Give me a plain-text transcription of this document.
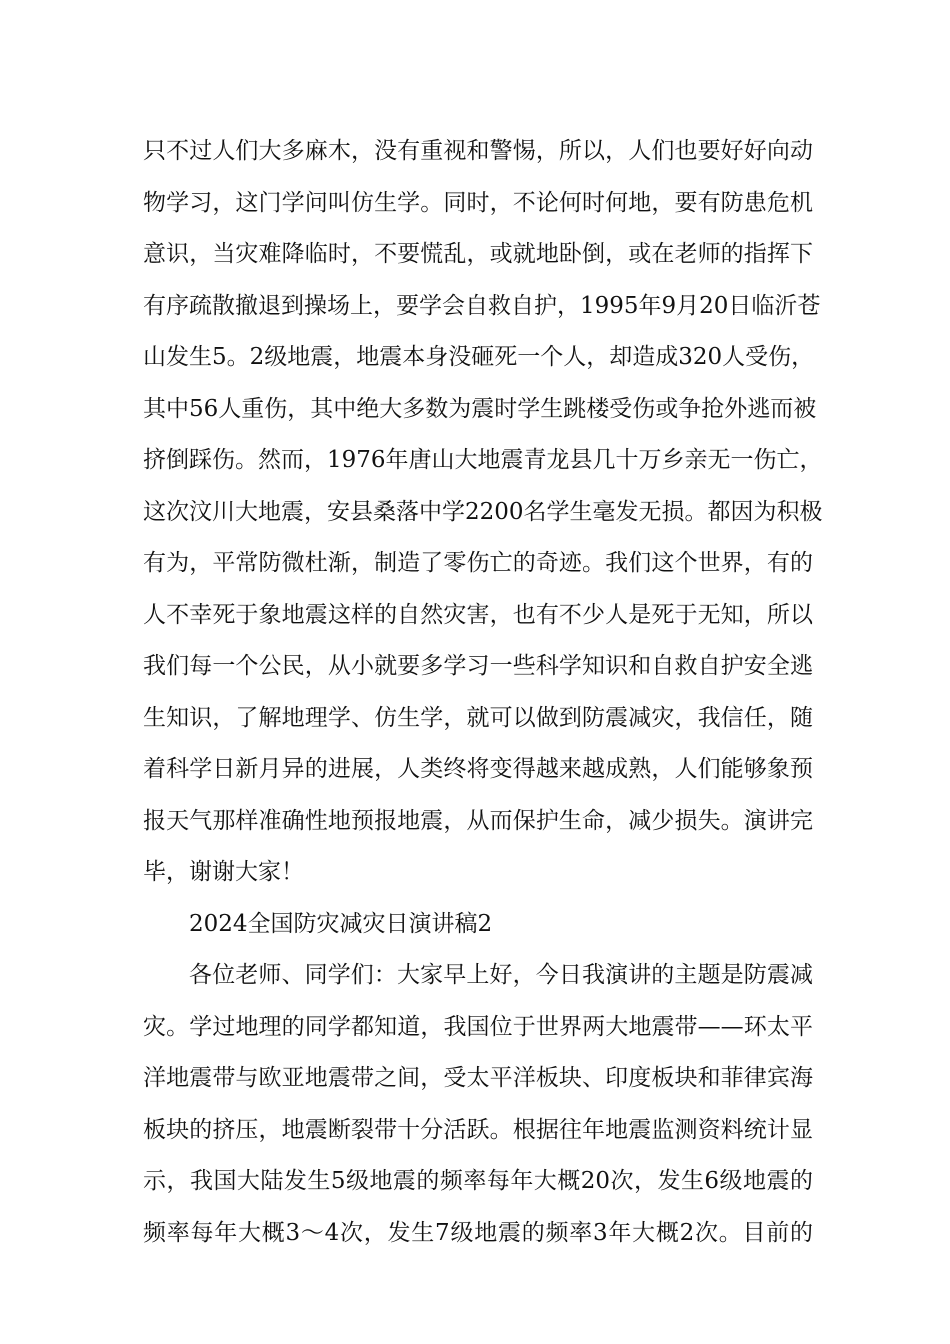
只不过人们大多麻木，没有重视和警惕，所以，人们也要好好向动
物学习，这门学问叫仿生学。同时，不论何时何地，要有防患危机
意识，当灾难降临时，不要慌乱，或就地卧倒，或在老师的指挥下
有序疏散撤退到操场上，要学会自救自护，1995年9月20日临沂苍
山发生5。2级地震，地震本身没砸死一个人，却造成320人受伤，
其中56人重伤，其中绝大多数为震时学生跳楼受伤或争抢外逃而被
挤倒踩伤。然而，1976年唐山大地震青龙县几十万乡亲无一伤亡，
这次汶川大地震，安县桑落中学2200名学生毫发无损。都因为积极
有为，平常防微杜渐，制造了零伤亡的奇迹。我们这个世界，有的
人不幸死于象地震这样的自然灾害，也有不少人是死于无知，所以
我们每一个公民，从小就要多学习一些科学知识和自救自护安全逃
生知识，了解地理学、仿生学，就可以做到防震减灾，我信任，随
着科学日新月异的进展，人类终将变得越来越成熟，人们能够象预
报天气那样准确性地预报地震，从而保护生命，减少损失。演讲完
毕，谢谢大家！
2024全国防灾减灾日演讲稿2
各位老师、同学们：大家早上好，今日我演讲的主题是防震减
灾。学过地理的同学都知道，我国位于世界两大地震带——环太平
洋地震带与欧亚地震带之间，受太平洋板块、印度板块和菲律宾海
板块的挤压，地震断裂带十分活跃。根据往年地震监测资料统计显
示，我国大陆发生5级地震的频率每年大概20次，发生6级地震的
频率每年大概3～4次，发生7级地震的频率3年大概2次。目前的
